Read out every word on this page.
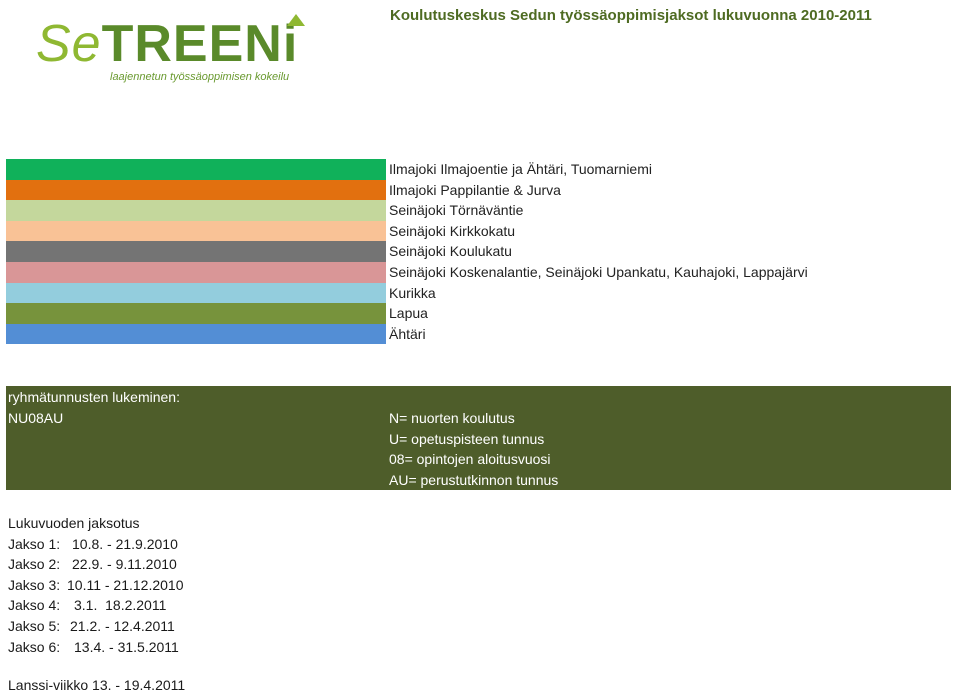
SeTREENi
laajennetun työssäoppimisen kokeilu
Koulutuskeskus Sedun työssäoppimisjaksot lukuvuonna 2010-2011
Ilmajoki Ilmajoentie ja Ähtäri, Tuomarniemi
Ilmajoki Pappilantie & Jurva
Seinäjoki Törnäväntie
Seinäjoki Kirkkokatu
Seinäjoki Koulukatu
Seinäjoki Koskenalantie, Seinäjoki Upankatu, Kauhajoki, Lappajärvi
Kurikka
Lapua
Ähtäri
ryhmätunnusten lukeminen:
NU08AU	N= nuorten koulutus
U= opetuspisteen tunnus
08= opintojen aloitusvuosi
AU= perustutkinnon tunnus
Lukuvuoden jaksotus
Jakso 1: 10.8. - 21.9.2010
Jakso 2: 22.9. - 9.11.2010
Jakso 3: 10.11 - 21.12.2010
Jakso 4: 3.1.  18.2.2011
Jakso 5: 21.2. - 12.4.2011
Jakso 6: 13.4. - 31.5.2011
Lanssi-viikko 13. - 19.4.2011
